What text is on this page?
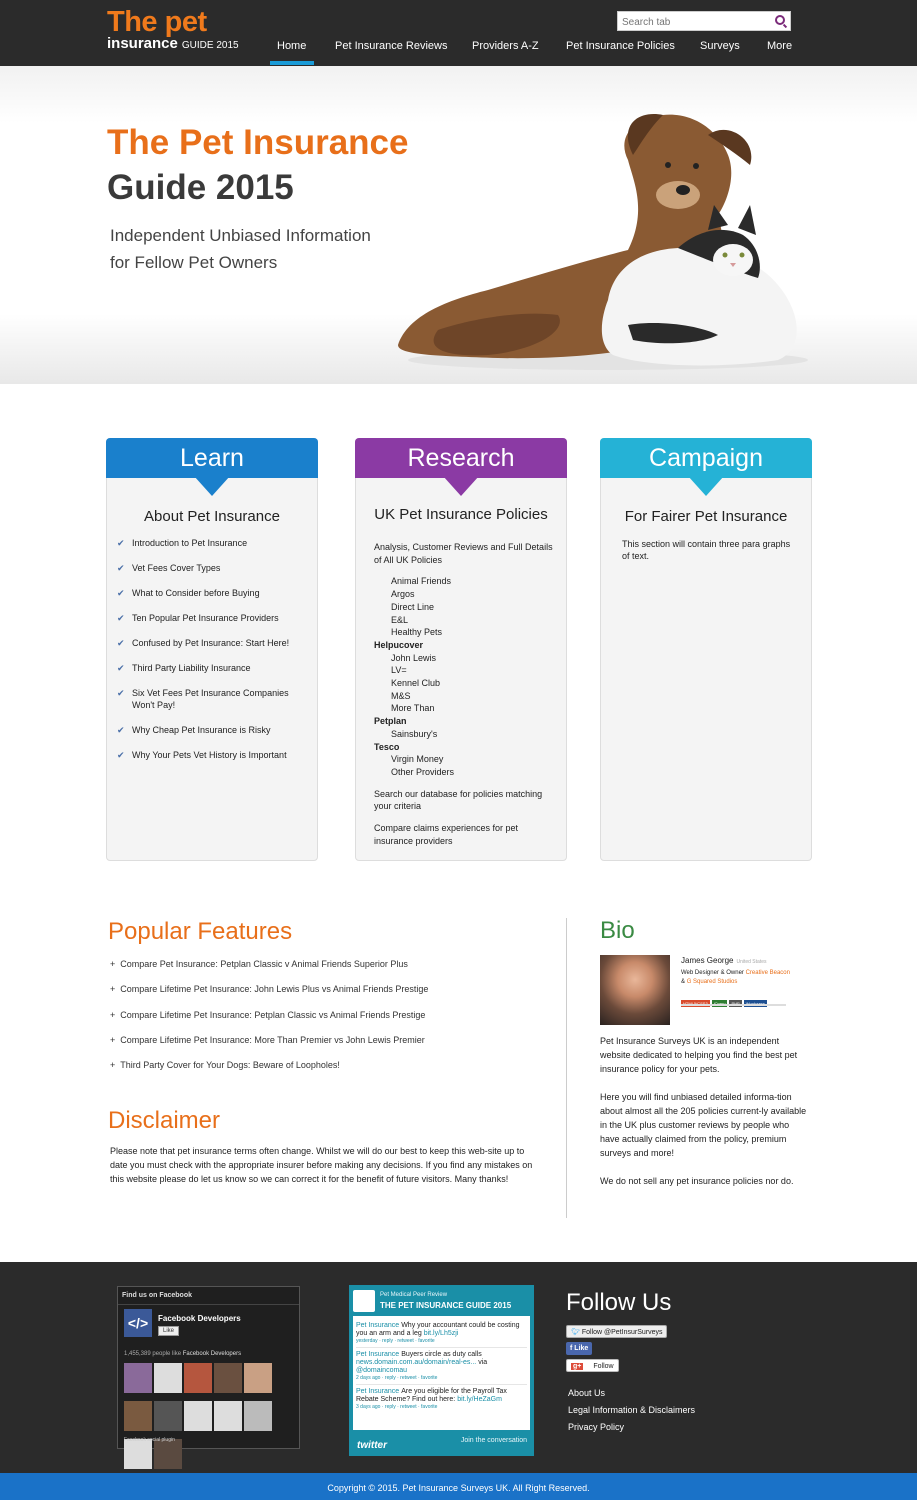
The pet
insurance GUIDE 2015
Search tab	Home	Pet Insurance Reviews Providers A-Z Pet Insurance Policies Surveys More
The Pet Insurance
Guide 2015

Independent Unbiased Information
for Fellow Pet Owners

Learn
About Pet Insurance
✔ Introduction to Pet Insurance
✔ Vet Fees Cover Types
✔ What to Consider before Buying
✔ Ten Popular Pet Insurance Providers
✔ Confused by Pet Insurance: Start Here!
✔ Third Party Liability Insurance
✔ Six Vet Fees Pet Insurance Companies Won't Pay!
✔ Why Cheap Pet Insurance is Risky
✔ Why Your Pets Vet History is Important
Research
UK Pet Insurance Policies
Analysis, Customer Reviews and Full Details of All UK Policies
Animal Friends
Argos
Direct Line
E&L
Healthy Pets
Helpucover
John Lewis
LV=
Kennel Club
M&S
More Than
Petplan
Sainsbury's
Tesco
Virgin Money
Other Providers
Search our database for policies matching your criteria
Compare claims experiences for pet insurance providers
Campaign
For Fairer Pet Insurance
This section will contain three para graphs of text.
Popular Features
+ Compare Pet Insurance: Petplan Classic v Animal Friends Superior Plus
+ Compare Lifetime Pet Insurance: John Lewis Plus vs Animal Friends Prestige
+ Compare Lifetime Pet Insurance: Petplan Classic vs Animal Friends Prestige
+ Compare Lifetime Pet Insurance: More Than Premier vs John Lewis Premier
+ Third Party Cover for Your Dogs: Beware of Loopholes!
Disclaimer
Please note that pet insurance terms often change. Whilst we will do our best to keep this web-site up to date you must check with the appropriate insurer before making any decisions. If you find any mistakes on this website please do let us know so we can correct it for the benefit of future visitors. Many thanks!
Bio
James George United States
Web Designer & Owner Creative Beacon & G Squared Studios

Pet Insurance Surveys UK is an independent website dedicated to helping you find the best pet insurance policy for your pets.

Here you will find unbiased detailed informa-tion about almost all the 205 policies current-ly available in the UK plus customer reviews by people who have actually claimed from the policy, premium surveys and more!

We do not sell any pet insurance policies nor do.

Find us on Facebook
</>	Facebook Developers
Like
1,455,389 people like Facebook Developers
Facebook social plugin
Pet Medical Peer Review
THE PET INSURANCE GUIDE 2015
Pet Insurance Why your accountant could be costing you an arm and a leg bit.ly/Lh5zji
yesterday · reply · retweet · favorite
Pet Insurance Buyers circle as duty calls news.domain.com.au/domain/real-es... via @domaincomau
2 days ago · reply · retweet · favorite
Pet Insurance Are you eligible for the Payroll Tax Rebate Scheme? Find out here: bit.ly/HeZaGm
3 days ago · reply · retweet · favorite
twitter	Join the conversation
Follow Us
🐦︎ Follow @PetInsurSurveys
f Like
g+ Follow
About Us
Legal Information & Disclaimers
Privacy Policy
Copyright © 2015. Pet Insurance Surveys UK. All Right Reserved.
